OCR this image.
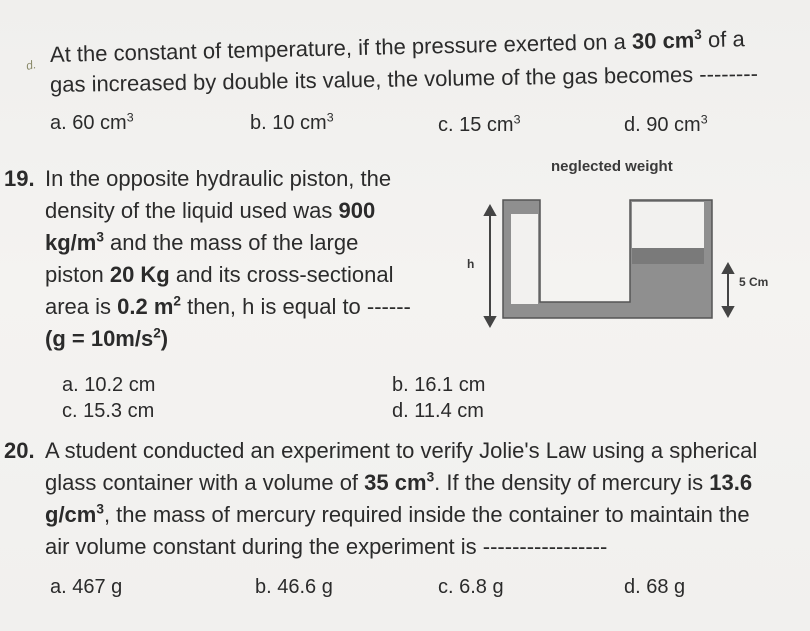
d. At the constant of temperature, if the pressure exerted on a 30 $cm^3$ of a
gas increased by double its value, the volume of the gas becomes --------
a. 60 $cm^3$	b. 10 $cm^3$	c. 15 $cm^3$	d. 90 $cm^3$
19. In the opposite hydraulic piston, the
density of the liquid used was 900
$kg/m^3$ and the mass of the large
piston 20 Kg and its cross-sectional
area is 0.2 $m^2$ then, h is equal to ------
$(g = 10m/s^2)$
neglected weight
h
5 Cm
a. 10.2 cm	b. 16.1 cm
c. 15.3 cm	d. 11.4 cm
20. A student conducted an experiment to verify Jolie's Law using a spherical
glass container with a volume of 35 $cm^3$. If the density of mercury is 13.6
$g/cm^3$, the mass of mercury required inside the container to maintain the
air volume constant during the experiment is -----------------
a. 467 g	b. 46.6 g	c. 6.8 g	d. 68 g
